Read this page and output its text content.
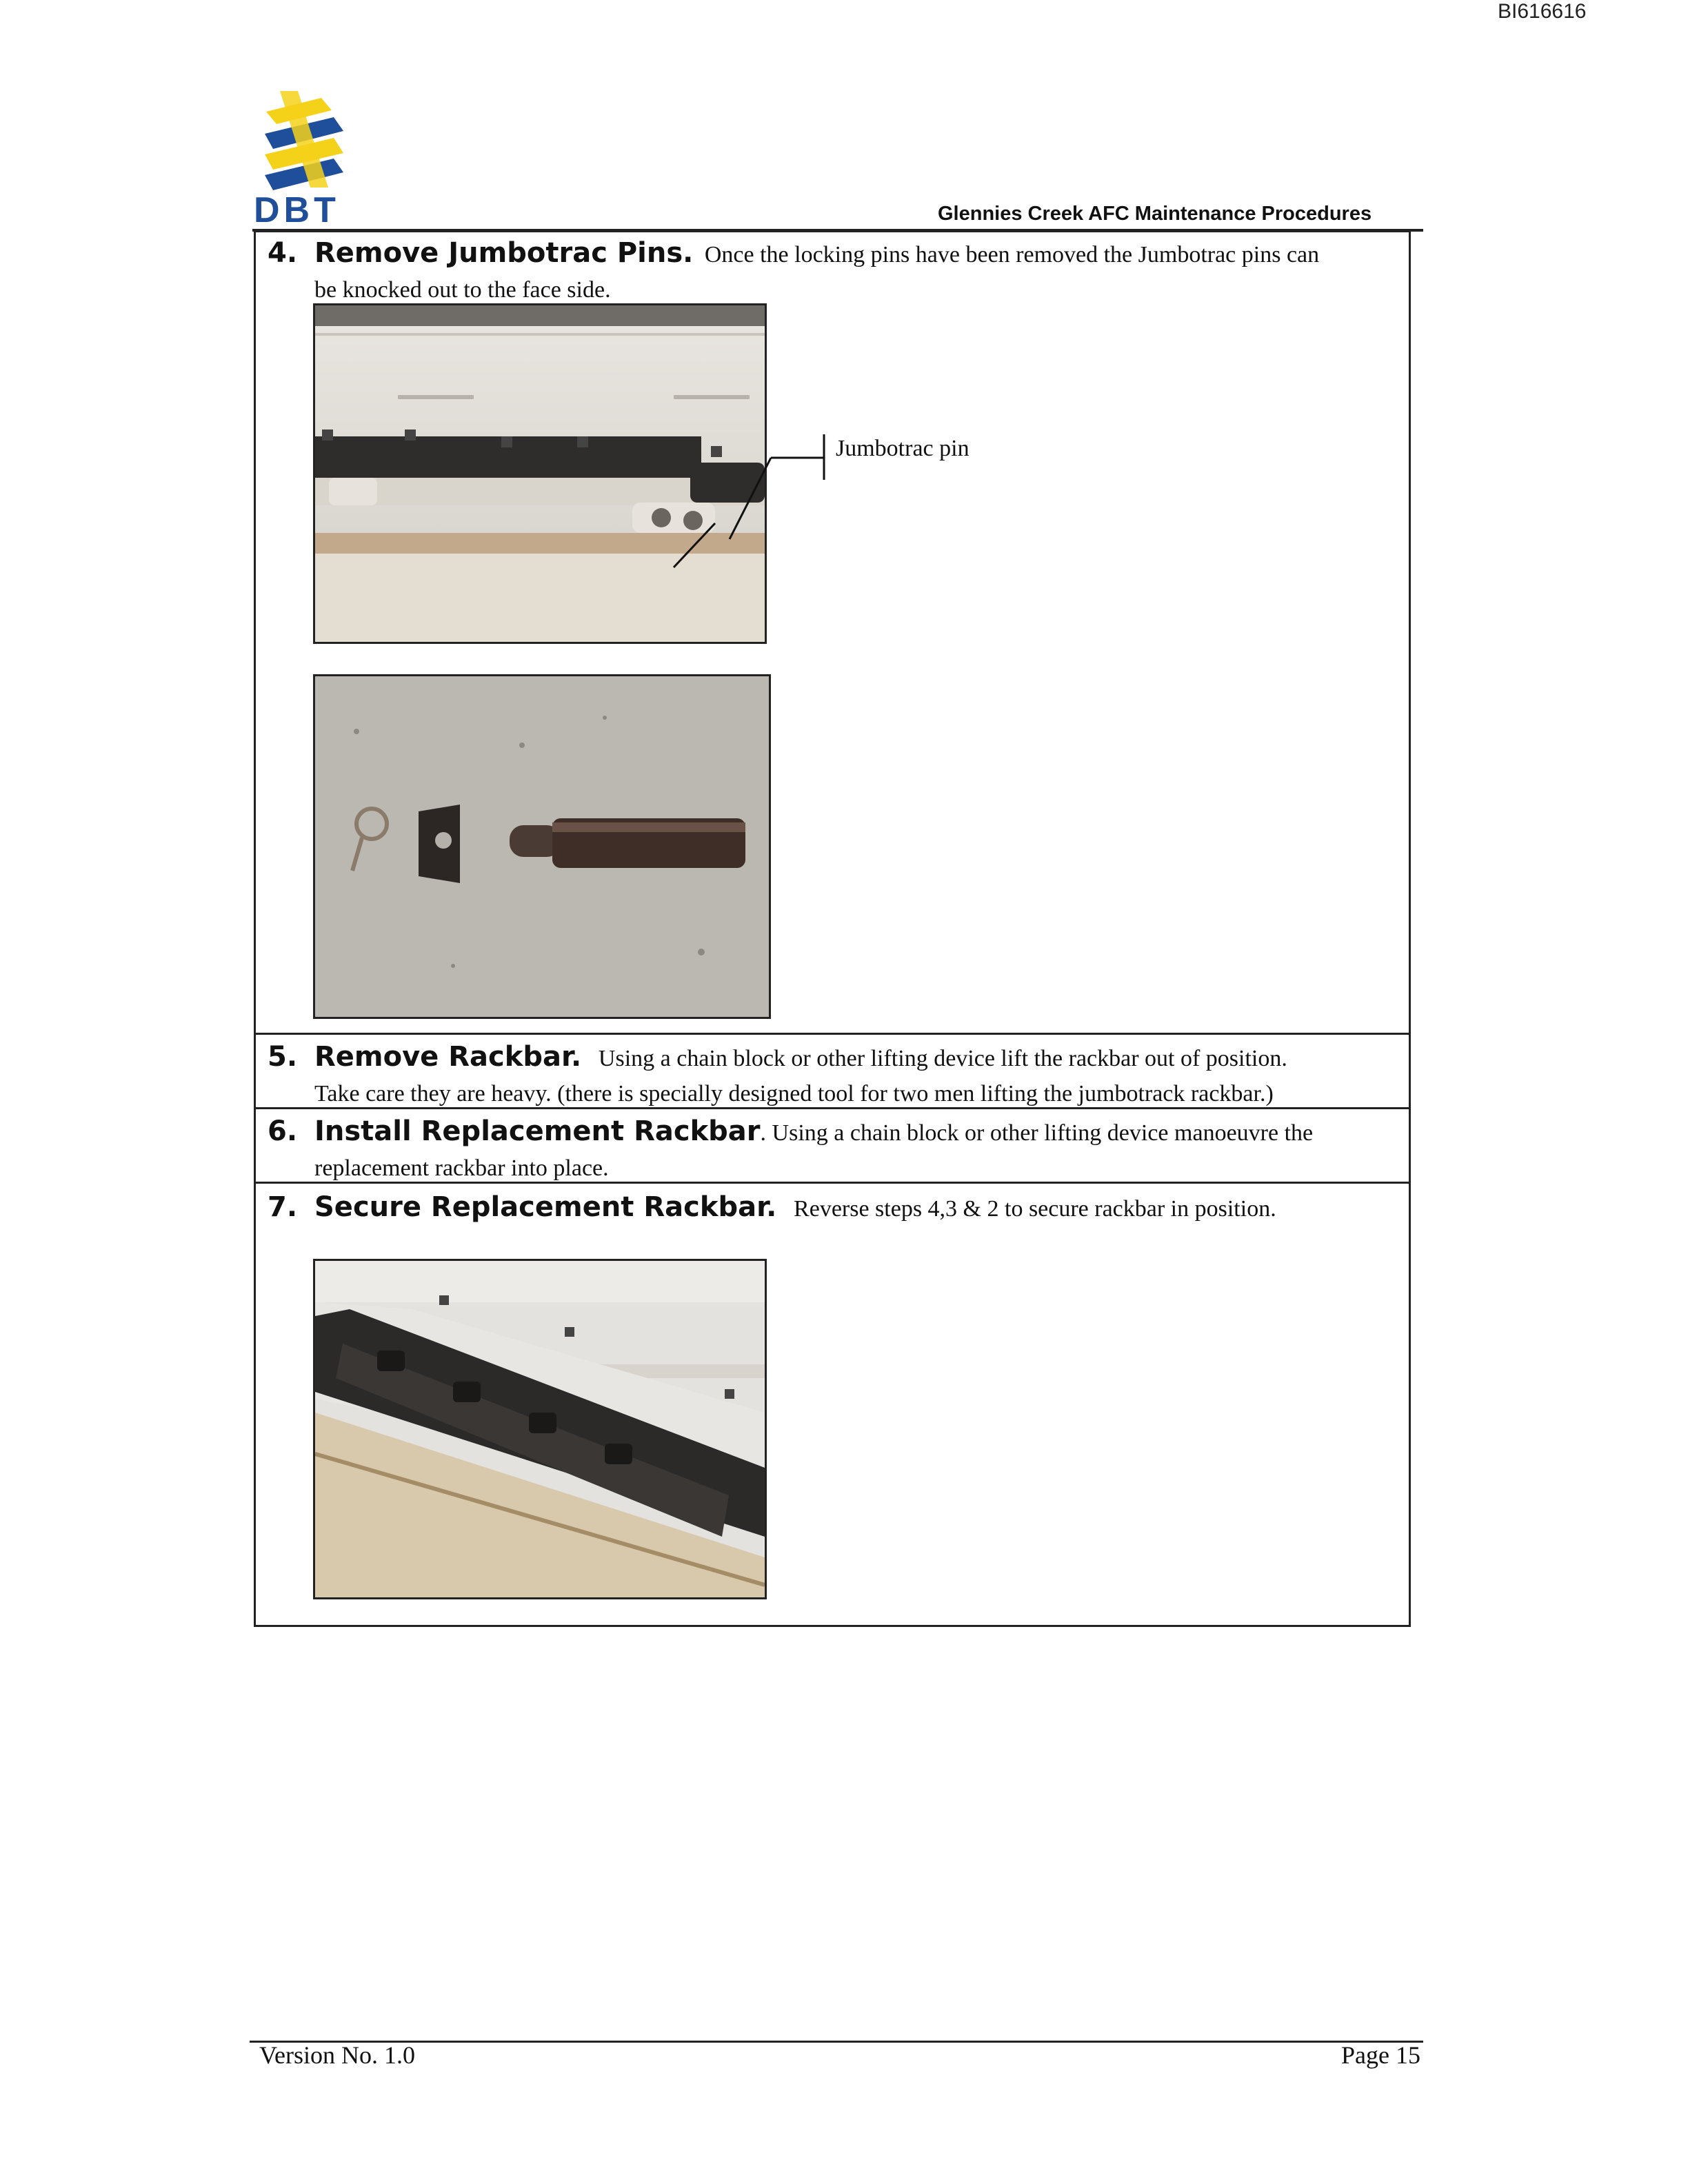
BI616616
DBT	Glennies Creek AFC Maintenance Procedures
4. Remove Jumbotrac Pins. Once the locking pins have been removed the Jumbotrac pins can
be knocked out to the face side.
Jumbotrac pin
5. Remove Rackbar. Using a chain block or other lifting device lift the rackbar out of position.
Take care they are heavy. (there is specially designed tool for two men lifting the jumbotrack rackbar.)
6. Install Replacement Rackbar. Using a chain block or other lifting device manoeuvre the
replacement rackbar into place.
7. Secure Replacement Rackbar. Reverse steps 4,3 & 2 to secure rackbar in position.
Version No. 1.0	Page 15
